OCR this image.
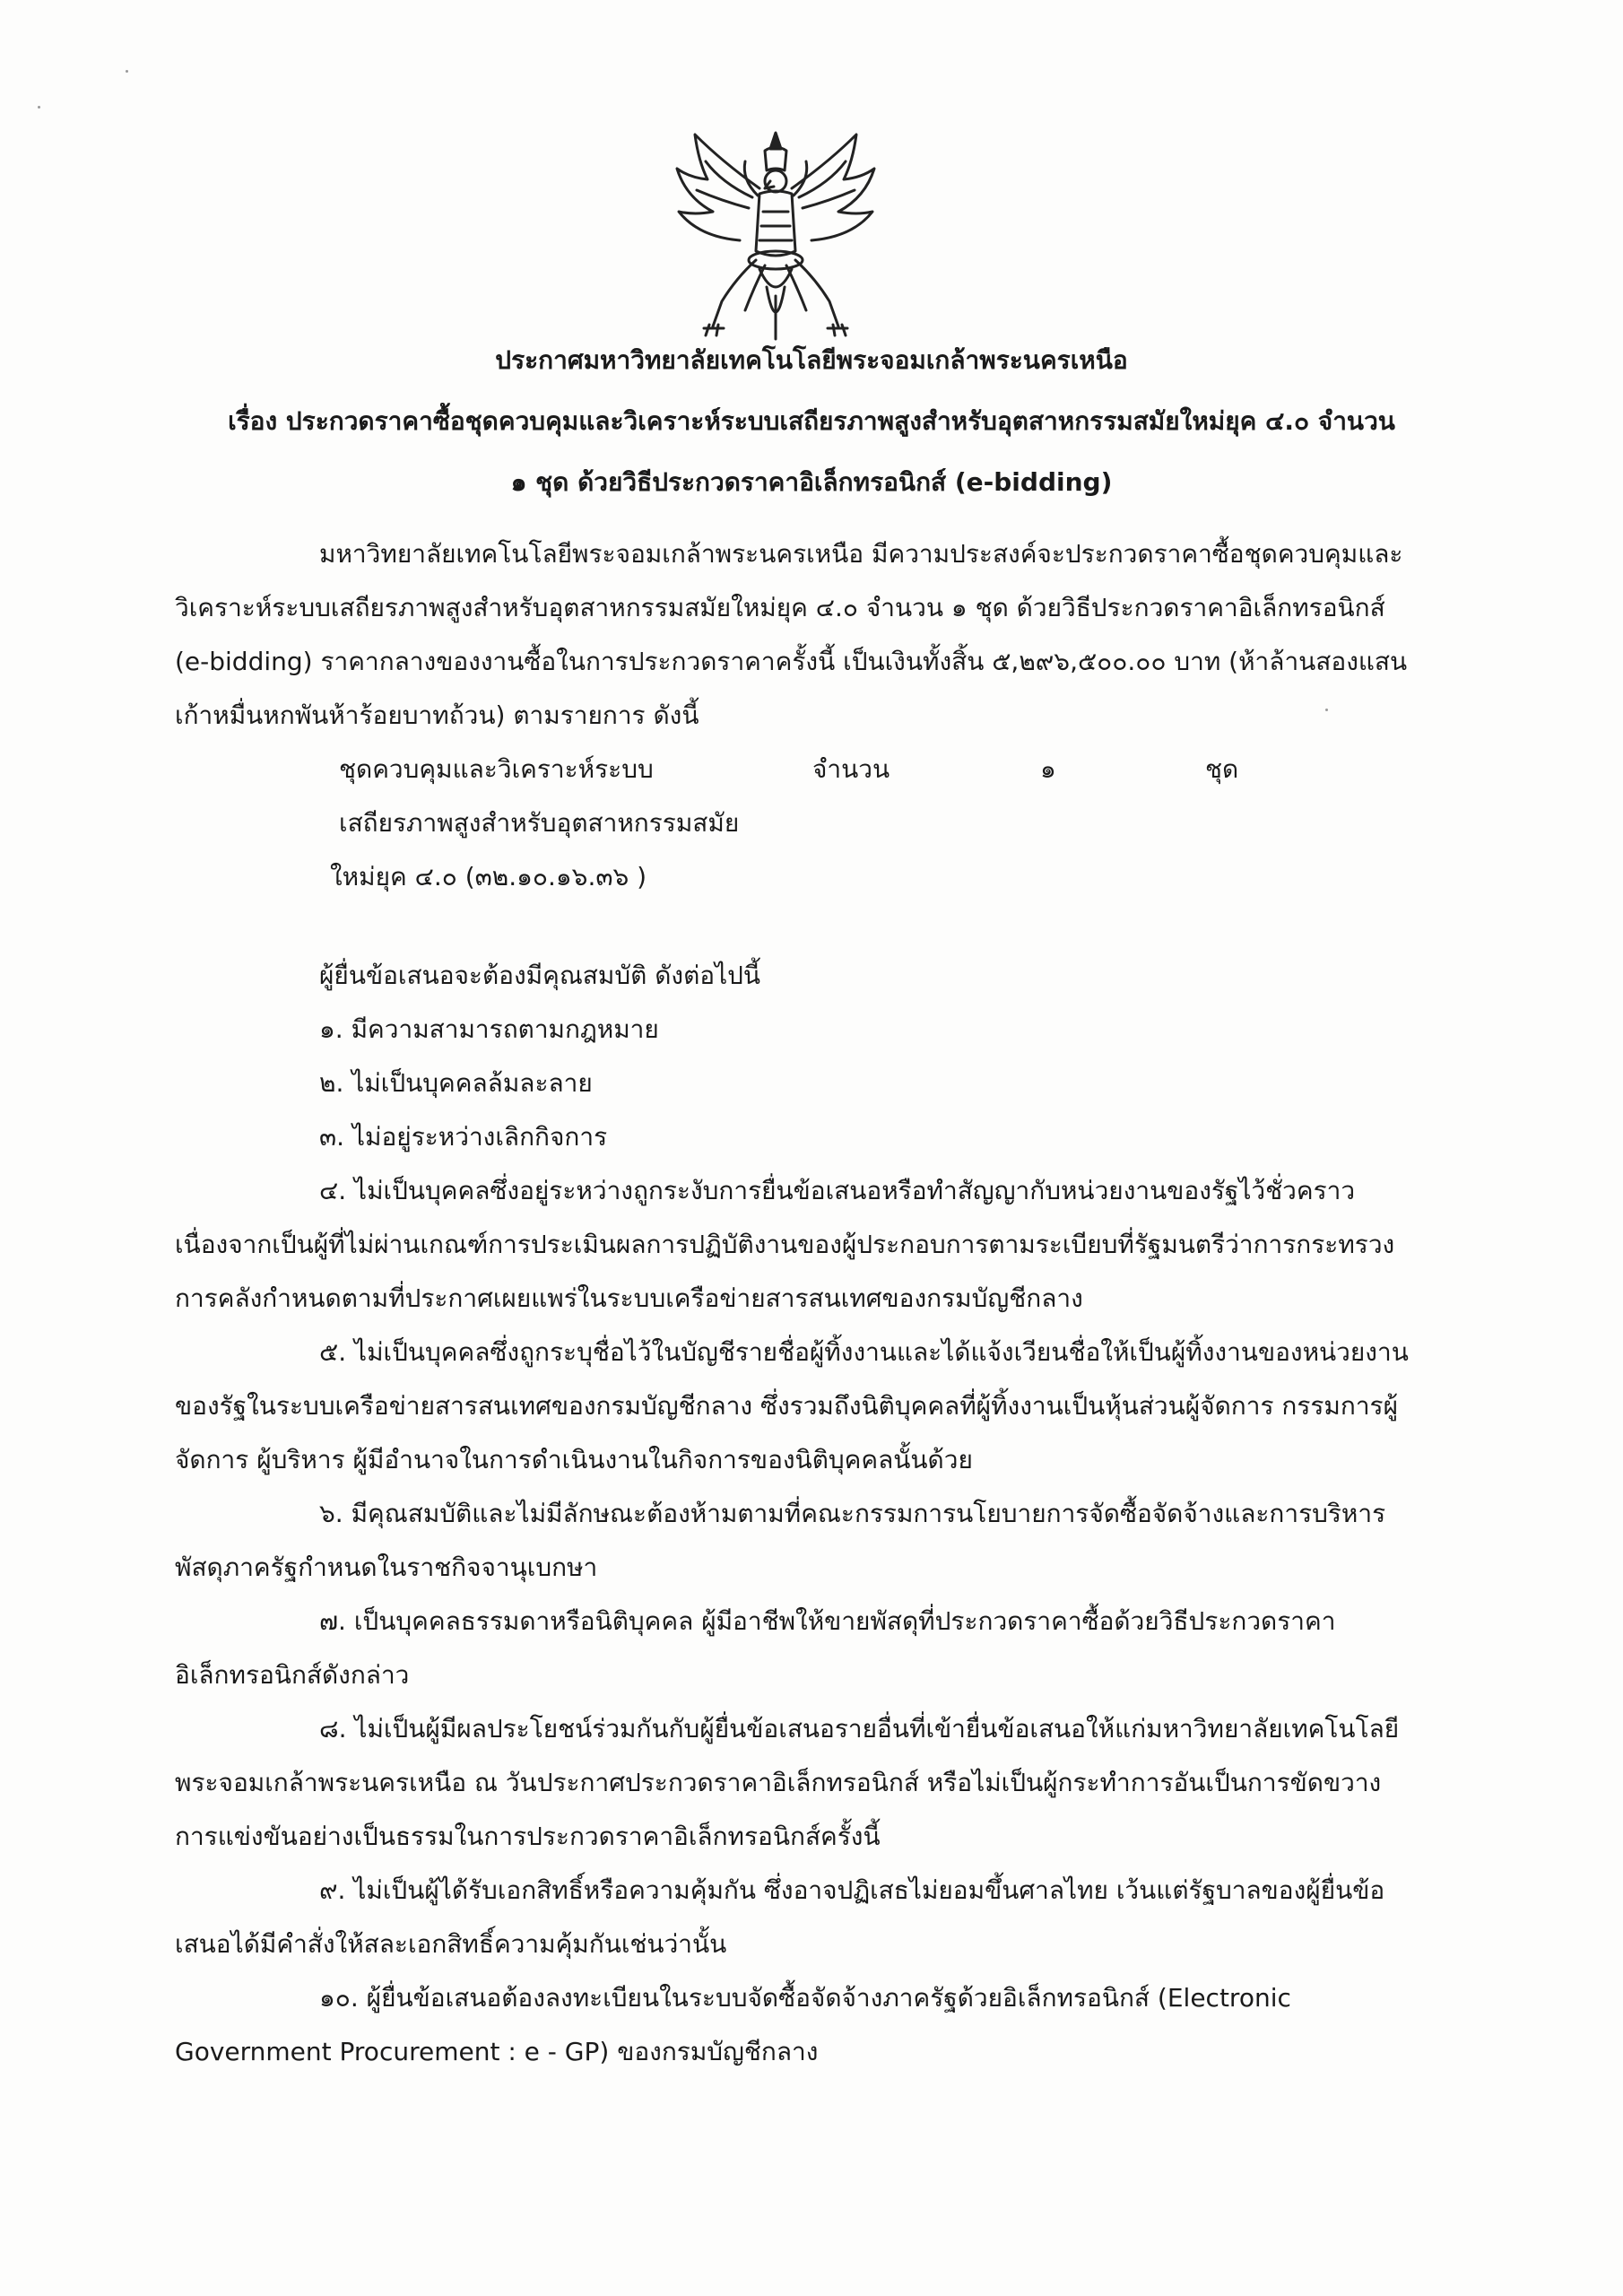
ประกาศมหาวิทยาลัยเทคโนโลยีพระจอมเกล้าพระนครเหนือ
เรื่อง ประกวดราคาซื้อชุดควบคุมและวิเคราะห์ระบบเสถียรภาพสูงสำหรับอุตสาหกรรมสมัยใหม่ยุค ๔.๐ จำนวน
๑ ชุด ด้วยวิธีประกวดราคาอิเล็กทรอนิกส์ (e-bidding)
มหาวิทยาลัยเทคโนโลยีพระจอมเกล้าพระนครเหนือ มีความประสงค์จะประกวดราคาซื้อชุดควบคุมและ
วิเคราะห์ระบบเสถียรภาพสูงสำหรับอุตสาหกรรมสมัยใหม่ยุค ๔.๐ จำนวน ๑ ชุด ด้วยวิธีประกวดราคาอิเล็กทรอนิกส์
(e-bidding) ราคากลางของงานซื้อในการประกวดราคาครั้งนี้ เป็นเงินทั้งสิ้น ๕,๒๙๖,๕๐๐.๐๐ บาท (ห้าล้านสองแสน
เก้าหมื่นหกพันห้าร้อยบาทถ้วน) ตามรายการ ดังนี้
ชุดควบคุมและวิเคราะห์ระบบ
เสถียรภาพสูงสำหรับอุตสาหกรรมสมัย
ใหม่ยุค ๔.๐ (๓๒.๑๐.๑๖.๓๖ )
จำนวน	๑	ชุด
ผู้ยื่นข้อเสนอจะต้องมีคุณสมบัติ ดังต่อไปนี้
๑. มีความสามารถตามกฎหมาย
๒. ไม่เป็นบุคคลล้มละลาย
๓. ไม่อยู่ระหว่างเลิกกิจการ
๔. ไม่เป็นบุคคลซึ่งอยู่ระหว่างถูกระงับการยื่นข้อเสนอหรือทำสัญญากับหน่วยงานของรัฐไว้ชั่วคราว
เนื่องจากเป็นผู้ที่ไม่ผ่านเกณฑ์การประเมินผลการปฏิบัติงานของผู้ประกอบการตามระเบียบที่รัฐมนตรีว่าการกระทรวง
การคลังกำหนดตามที่ประกาศเผยแพร่ในระบบเครือข่ายสารสนเทศของกรมบัญชีกลาง
๕. ไม่เป็นบุคคลซึ่งถูกระบุชื่อไว้ในบัญชีรายชื่อผู้ทิ้งงานและได้แจ้งเวียนชื่อให้เป็นผู้ทิ้งงานของหน่วยงาน
ของรัฐในระบบเครือข่ายสารสนเทศของกรมบัญชีกลาง ซึ่งรวมถึงนิติบุคคลที่ผู้ทิ้งงานเป็นหุ้นส่วนผู้จัดการ กรรมการผู้
จัดการ ผู้บริหาร ผู้มีอำนาจในการดำเนินงานในกิจการของนิติบุคคลนั้นด้วย
๖. มีคุณสมบัติและไม่มีลักษณะต้องห้ามตามที่คณะกรรมการนโยบายการจัดซื้อจัดจ้างและการบริหาร
พัสดุภาครัฐกำหนดในราชกิจจานุเบกษา
๗. เป็นบุคคลธรรมดาหรือนิติบุคคล ผู้มีอาชีพให้ขายพัสดุที่ประกวดราคาซื้อด้วยวิธีประกวดราคา
อิเล็กทรอนิกส์ดังกล่าว
๘. ไม่เป็นผู้มีผลประโยชน์ร่วมกันกับผู้ยื่นข้อเสนอรายอื่นที่เข้ายื่นข้อเสนอให้แก่มหาวิทยาลัยเทคโนโลยี
พระจอมเกล้าพระนครเหนือ ณ วันประกาศประกวดราคาอิเล็กทรอนิกส์ หรือไม่เป็นผู้กระทำการอันเป็นการขัดขวาง
การแข่งขันอย่างเป็นธรรมในการประกวดราคาอิเล็กทรอนิกส์ครั้งนี้
๙. ไม่เป็นผู้ได้รับเอกสิทธิ์หรือความคุ้มกัน ซึ่งอาจปฏิเสธไม่ยอมขึ้นศาลไทย เว้นแต่รัฐบาลของผู้ยื่นข้อ
เสนอได้มีคำสั่งให้สละเอกสิทธิ์ความคุ้มกันเช่นว่านั้น
๑๐. ผู้ยื่นข้อเสนอต้องลงทะเบียนในระบบจัดซื้อจัดจ้างภาครัฐด้วยอิเล็กทรอนิกส์ (Electronic
Government Procurement : e - GP) ของกรมบัญชีกลาง
